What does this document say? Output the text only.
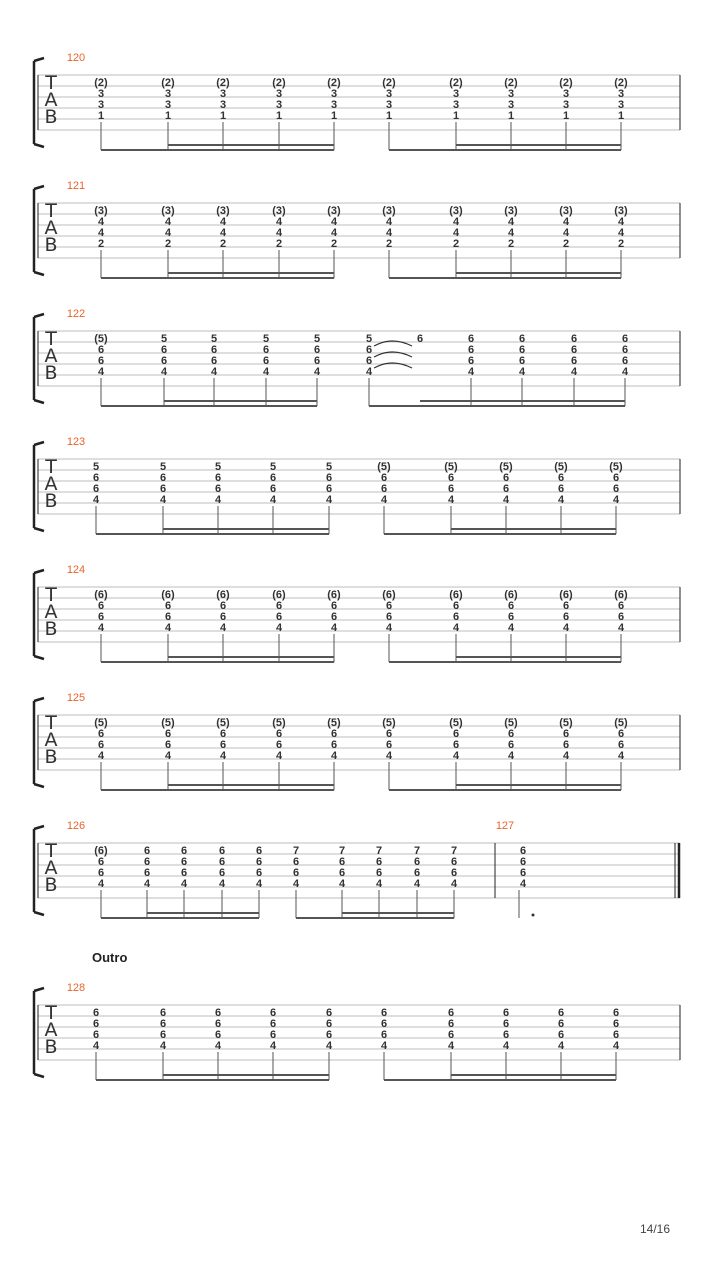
T
A
B
120
(2)
3
3
1
(2)
3
3
1
(2)
3
3
1
(2)
3
3
1
(2)
3
3
1
(2)
3
3
1
(2)
3
3
1
(2)
3
3
1
(2)
3
3
1
(2)
3
3
1
T
A
B
121
(3)
4
4
2
(3)
4
4
2
(3)
4
4
2
(3)
4
4
2
(3)
4
4
2
(3)
4
4
2
(3)
4
4
2
(3)
4
4
2
(3)
4
4
2
(3)
4
4
2
T
A
B
122
(5)
6
6
4
5
6
6
4
5
6
6
4
5
6
6
4
5
6
6
4
5
6
6
4
6	6
6
6
4
6
6
6
4
6
6
6
4
6
6
6
4
T
A
B
123
5
6
6
4
5
6
6
4
5
6
6
4
5
6
6
4
5
6
6
4
(5)
6
6
4
(5)
6
6
4
(5)
6
6
4
(5)
6
6
4
(5)
6
6
4
T
A
B
124
(6)
6
6
4
(6)
6
6
4
(6)
6
6
4
(6)
6
6
4
(6)
6
6
4
(6)
6
6
4
(6)
6
6
4
(6)
6
6
4
(6)
6
6
4
(6)
6
6
4
T
A
B
125
(5)
6
6
4
(5)
6
6
4
(5)
6
6
4
(5)
6
6
4
(5)
6
6
4
(5)
6
6
4
(5)
6
6
4
(5)
6
6
4
(5)
6
6
4
(5)
6
6
4
T
A
B
126
(6)
6
6
4
6
6
6
4
6
6
6
4
6
6
6
4
6
6
6
4
7
6
6
4
7
6
6
4
7
6
6
4
7
6
6
4
7
6
6
4
127
6
6
6
4
T
A
B
128
6
6
6
4
6
6
6
4
6
6
6
4
6
6
6
4
6
6
6
4
6
6
6
4
6
6
6
4
6
6
6
4
6
6
6
4
6
6
6
4
Outro
14/16
